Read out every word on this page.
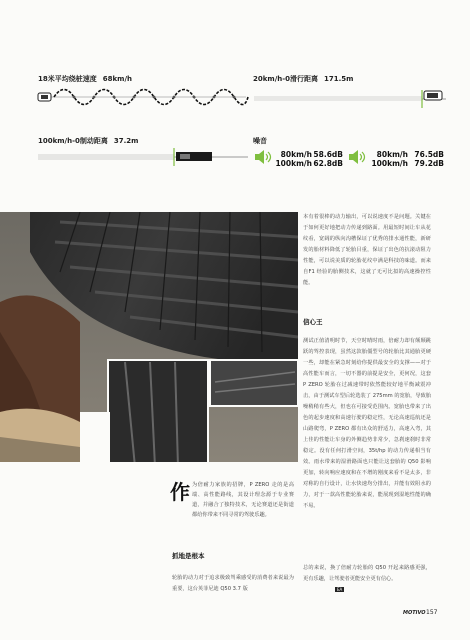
18米平均绕桩速度 68km/h	20km/h-0滑行距离 171.5m
100km/h-0制动距离 37.2m	噪音
80km/h
100km/h
58.6dB
62.8dB
80km/h
100km/h
76.5dB
79.2dB
作 为倍耐力家族的招牌，P ZERO 走的是高端、高性能路线，其设计理念源于专业赛道，并融合了独特技术，无论赛道还是街道都给你带来不同寻常的驾驶乐趣。
抓地是根本
轮胎的动力对于追求极致驾乘感受的消费者来说最为重要，这台英菲尼迪 Q50 3.7 版
本有着很棒的动力输出，可以说速度不是问题。关键在于如何更好地把动力传递到路面。用最短时间让车从花纹看，宽阔的纵向沟槽保证了优秀的排水通性能，新研发的胎材料降低了轮胎目重，保证了出色的抗滚动阻力性能，可以说美质的轮胎花纹中满是科技的味道。而来自F1 经验的胎侧技术，这就了无可比拟的高速操控性能。
信心王
测试正值清明时节，天空时晴时雨，倍耐力却有颠颠跳跃的驾控表现，虽然这款胎僵型号的轮胎比其通胎更硬一些，却能在紧急时刻给你提供最安全的支撑——对于高性能车而言，一切不器的前提是安全，更何况，这套 P ZERO 轮胎在过减速带时依然能较好地平衡减震冲击，由于测试车型后轮选装了 275mm 的宽胎，导致胎噪稍稍有些大，但也在可接受范围内。宽胎也带来了出色的起步速度和高速行驶的稳定性，无论高速巡航还是山路爬弯，P ZERO 都有出众的舒适力，高速入弯，其上佳的性能让车身的外侧趋势非常少，急刹速刹时非常稳定。没有任何打滑空间，35t/hp 的动力传递相当有效。雨水带来的湿滑路面也只能让这套胎的 Q50 影响更加，转向响应速度和在不增的刚度来看不是太多，非对称的自行设计，让水快速均分排出，并能有效阻水的力，对于一款高性能轮胎来说，能展现到湿地性能的确不易。
总的来说，换了倍耐力轮胎的 Q50 开起来路感更强，更有乐趣，让驾驶者更能安全更有信心。
EA
MOTIVO 157
